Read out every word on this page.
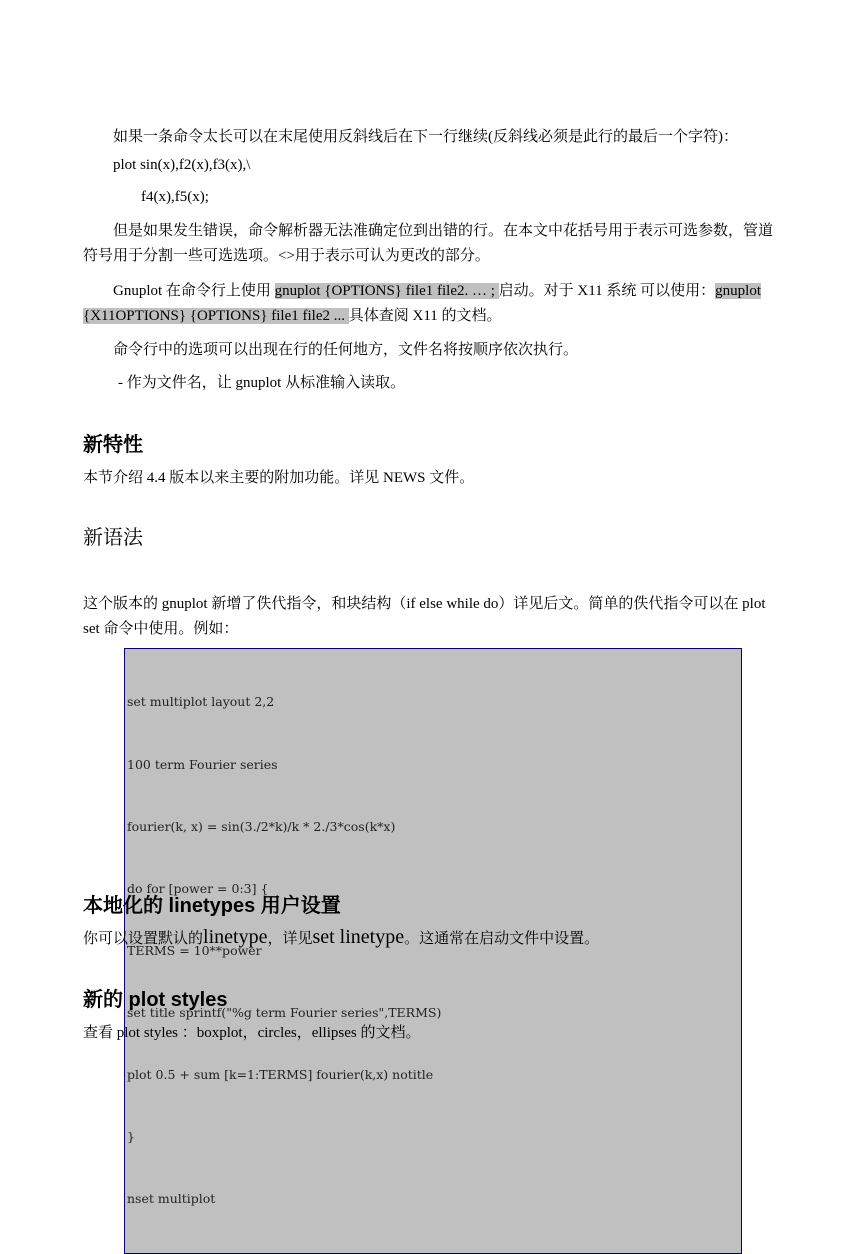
如果一条命令太长可以在末尾使用反斜线后在下一行继续(反斜线必须是此行的最后一个字符)：

plot sin(x),f2(x),f3(x),\

f4(x),f5(x);

但是如果发生错误，命令解析器无法准确定位到出错的行。在本文中花括号用于表示可选参数，管道符号用于分割一些可选选项。<>用于表示可认为更改的部分。

Gnuplot 在命令行上使用 gnuplot {OPTIONS} file1 file2. … ; 启动。对于 X11 系统 可以使用：gnuplot {X11OPTIONS} {OPTIONS} file1 file2 ... 具体查阅 X11 的文档。

命令行中的选项可以出现在行的任何地方，文件名将按顺序依次执行。

- 作为文件名，让 gnuplot 从标准输入读取。

新特性

本节介绍 4.4 版本以来主要的附加功能。详见 NEWS 文件。

新语法

这个版本的 gnuplot 新增了佚代指令，和块结构（if else while do）详见后文。简单的佚代指令可以在 plot set 命令中使用。例如：

set multiplot layout 2,2

100 term Fourier series

fourier(k, x) = sin(3./2*k)/k * 2./3*cos(k*x)

do for [power = 0:3] {

TERMS = 10**power

set title sprintf("%g term Fourier series",TERMS)

plot 0.5 + sum [k=1:TERMS] fourier(k,x) notitle

}

nset multiplot

本地化的 linetypes 用户设置

你可以设置默认的linetype，详见set linetype。这通常在启动文件中设置。

新的 plot styles

查看 plot styles ：boxplot，circles，ellipses 的文档。
